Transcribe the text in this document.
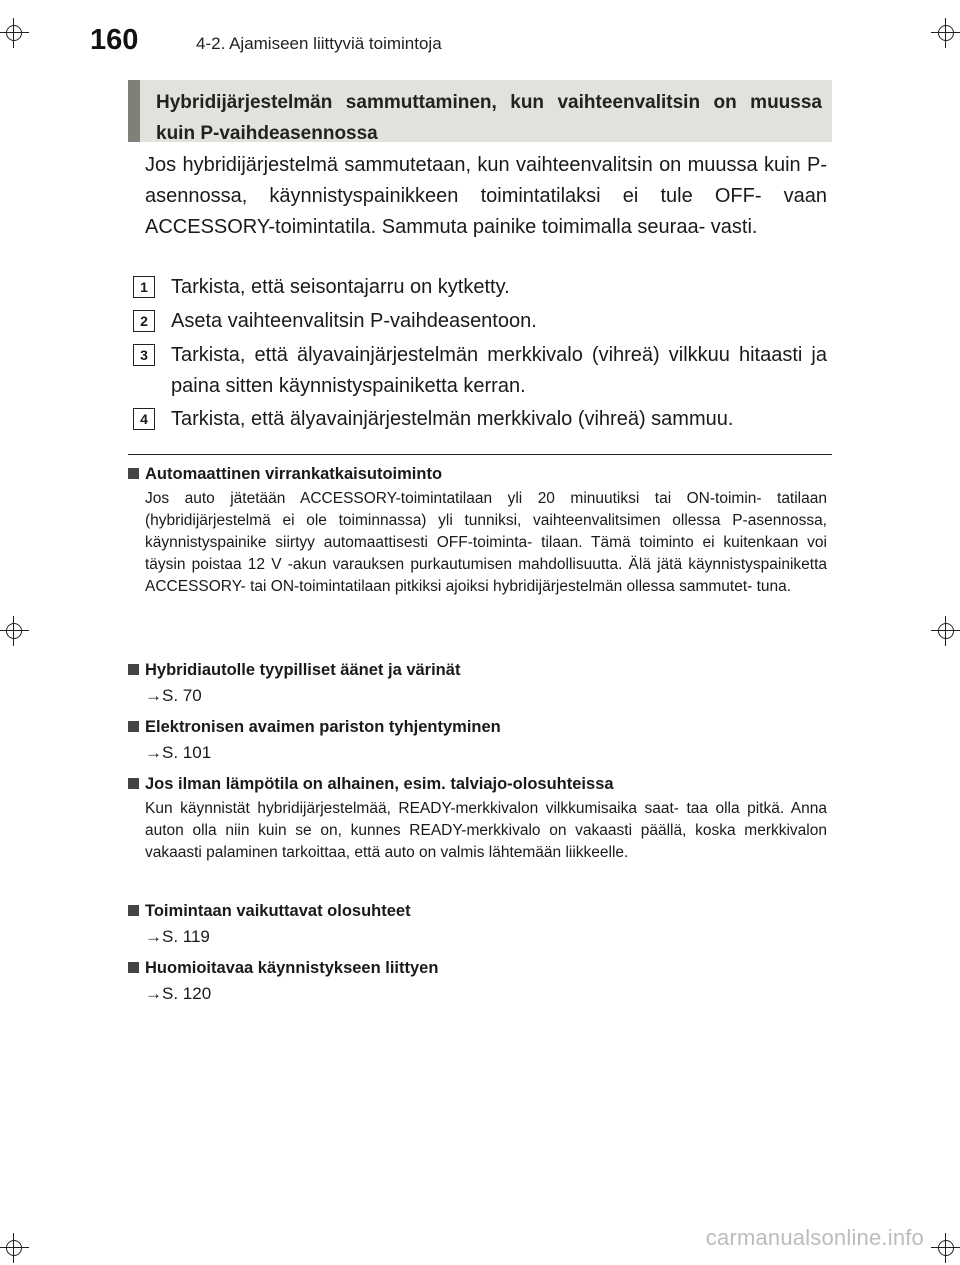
160	4-2. Ajamiseen liittyviä toimintoja
Hybridijärjestelmän sammuttaminen, kun vaihteenvalitsin on muussa kuin P-vaihdeasennossa
Jos hybridijärjestelmä sammutetaan, kun vaihteenvalitsin on muussa kuin P-asennossa, käynnistyspainikkeen toimintatilaksi ei tule OFF- vaan ACCESSORY-toimintatila. Sammuta painike toimimalla seuraa- vasti.
1	Tarkista, että seisontajarru on kytketty.
2	Aseta vaihteenvalitsin P-vaihdeasentoon.
3	Tarkista, että älyavainjärjestelmän merkkivalo (vihreä) vilkkuu hitaasti ja paina sitten käynnistyspainiketta kerran.
4	Tarkista, että älyavainjärjestelmän merkkivalo (vihreä) sammuu.
Automaattinen virrankatkaisutoiminto
Jos auto jätetään ACCESSORY-toimintatilaan yli 20 minuutiksi tai ON-toimin- tatilaan (hybridijärjestelmä ei ole toiminnassa) yli tunniksi, vaihteenvalitsimen ollessa P-asennossa, käynnistyspainike siirtyy automaattisesti OFF-toiminta- tilaan. Tämä toiminto ei kuitenkaan voi täysin poistaa 12 V -akun varauksen purkautumisen mahdollisuutta. Älä jätä käynnistyspainiketta ACCESSORY- tai ON-toimintatilaan pitkiksi ajoiksi hybridijärjestelmän ollessa sammutet- tuna.
Hybridiautolle tyypilliset äänet ja värinät
→S. 70
Elektronisen avaimen pariston tyhjentyminen
→S. 101
Jos ilman lämpötila on alhainen, esim. talviajo-olosuhteissa
Kun käynnistät hybridijärjestelmää, READY-merkkivalon vilkkumisaika saat- taa olla pitkä. Anna auton olla niin kuin se on, kunnes READY-merkkivalo on vakaasti päällä, koska merkkivalon vakaasti palaminen tarkoittaa, että auto on valmis lähtemään liikkeelle.
Toimintaan vaikuttavat olosuhteet
→S. 119
Huomioitavaa käynnistykseen liittyen
→S. 120
carmanualsonline.info
